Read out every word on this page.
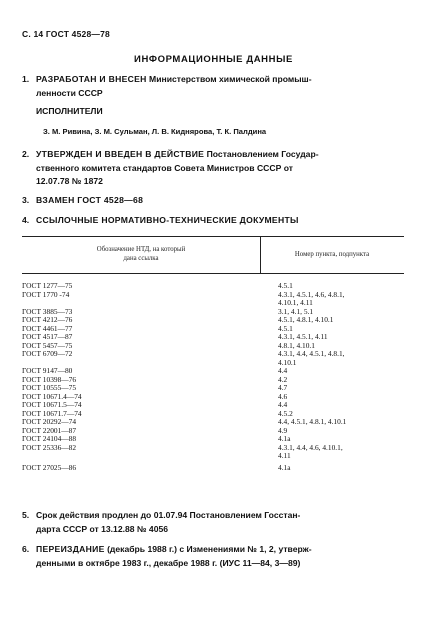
С. 14 ГОСТ 4528—78
ИНФОРМАЦИОННЫЕ ДАННЫЕ
1. РАЗРАБОТАН И ВНЕСЕН Министерством химической промыш-
ленности СССР
ИСПОЛНИТЕЛИ
З. М. Ривина, З. М. Сульман, Л. В. Киднярова, Т. К. Палдина
2. УТВЕРЖДЕН И ВВЕДЕН В ДЕЙСТВИЕ Постановлением Государ-
ственного комитета стандартов Совета Министров СССР от
12.07.78 № 1872
3. ВЗАМЕН ГОСТ 4528—68
4. ССЫЛОЧНЫЕ НОРМАТИВНО-ТЕХНИЧЕСКИЕ ДОКУМЕНТЫ
Обозначение НТД, на который
дана ссылка
Номер пункта, подпункта
ГОСТ 1277—75	4.5.1
ГОСТ 1770 -74	4.3.1, 4.5.1, 4.6, 4.8.1,
4.10.1, 4.11
ГОСТ 3885—73	3.1, 4.1, 5.1
ГОСТ 4212—76	4.5.1, 4.8.1, 4.10.1
ГОСТ 4461—77	4.5.1
ГОСТ 4517—87	4.3.1, 4.5.1, 4.11
ГОСТ 5457—75	4.8.1, 4.10.1
ГОСТ 6709—72	4.3.1, 4.4, 4.5.1, 4.8.1,
4.10.1
ГОСТ 9147—80	4.4
ГОСТ 10398—76	4.2
ГОСТ 10555—75	4.7
ГОСТ 10671.4—74	4.6
ГОСТ 10671.5—74	4.4
ГОСТ 10671.7—74	4.5.2
ГОСТ 20292—74	4.4, 4.5.1, 4.8.1, 4.10.1
ГОСТ 22001—87	4.9
ГОСТ 24104—88	4.1а
ГОСТ 25336—82	4.3.1, 4.4, 4.6, 4.10.1,
4.11
ГОСТ 27025—86	4.1а
5. Срок действия продлен до 01.07.94 Постановлением Госстан-
дарта СССР от 13.12.88 № 4056
6. ПЕРЕИЗДАНИЕ (декабрь 1988 г.) с Изменениями № 1, 2, утверж-
денными в октябре 1983 г., декабре 1988 г. (ИУС 11—84, 3—89)
